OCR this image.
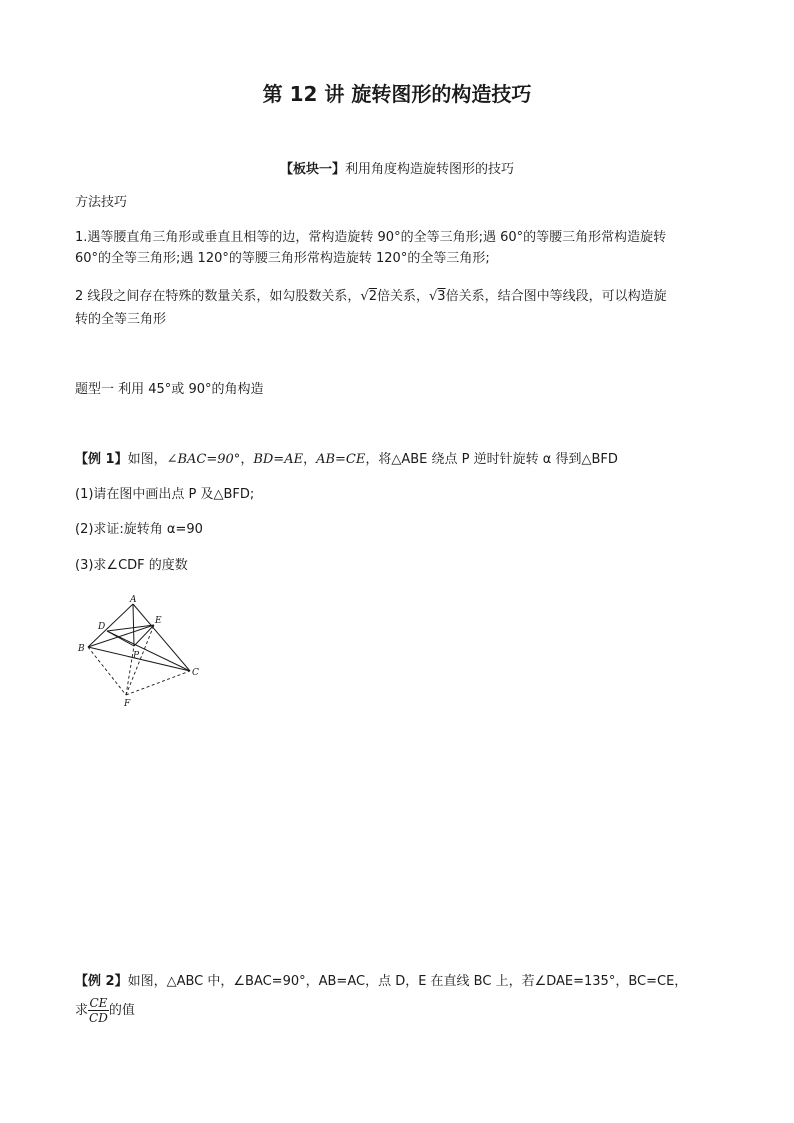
第 12 讲 旋转图形的构造技巧
【板块一】利用角度构造旋转图形的技巧
方法技巧
1.遇等腰直角三角形或垂直且相等的边，常构造旋转 90°的全等三角形;遇 60°的等腰三角形常构造旋转
60°的全等三角形;遇 120°的等腰三角形常构造旋转 120°的全等三角形;
2 线段之间存在特殊的数量关系，如勾股数关系，√2倍关系，√3倍关系，结合图中等线段，可以构造旋
转的全等三角形
题型一 利用 45°或 90°的角构造
【例 1】如图，∠BAC=90°，BD=AE，AB=CE，将△ABE 绕点 P 逆时针旋转 α 得到△BFD
(1)请在图中画出点 P 及△BFD;
(2)求证:旋转角 α=90
(3)求∠CDF 的度数
A
B
C
D
E
P
F
【例 2】如图，△ABC 中，∠BAC=90°，AB=AC，点 D，E 在直线 BC 上，若∠DAE=135°，BC=CE，
求 $\frac{CE}{CD}$ 的值
